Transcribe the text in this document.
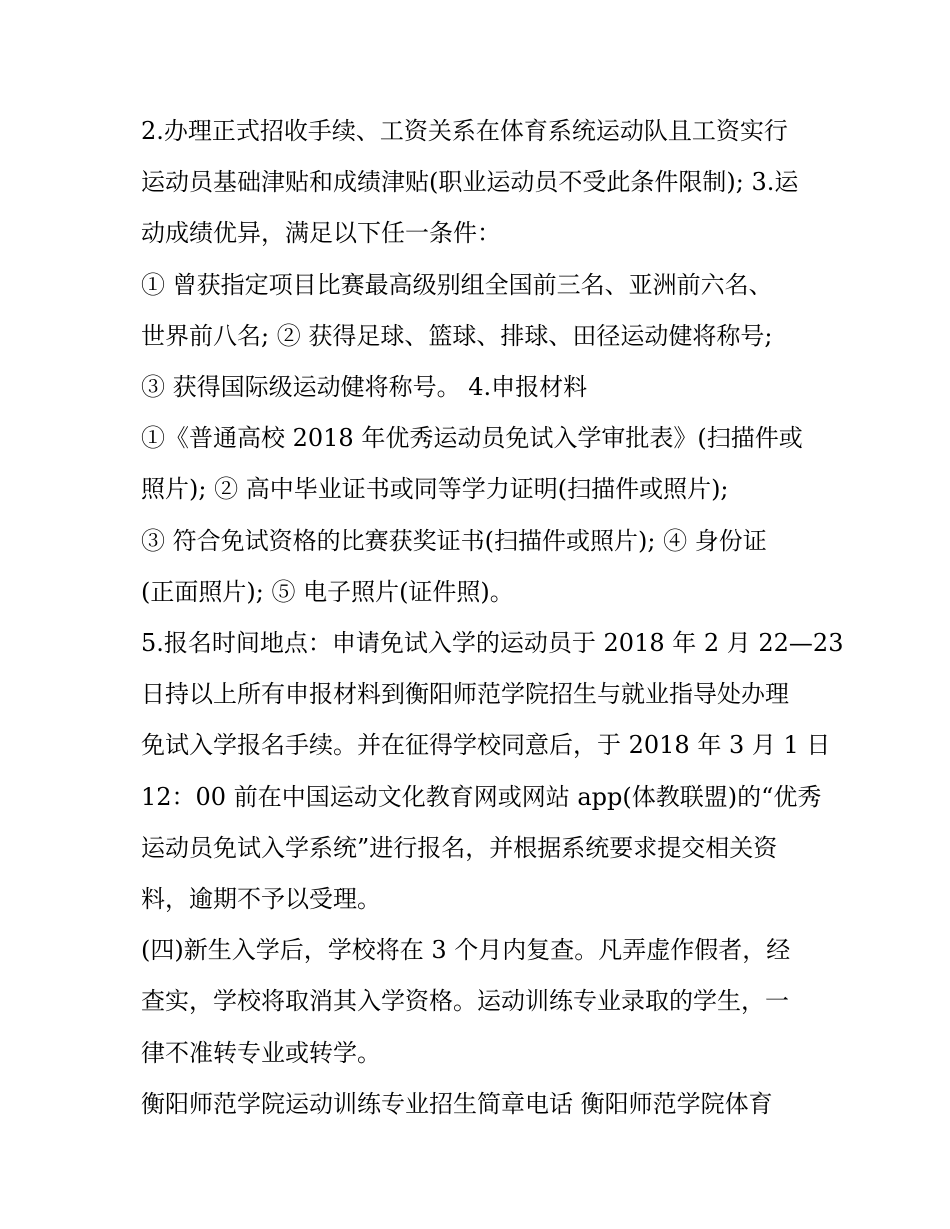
2.办理正式招收手续、工资关系在体育系统运动队且工资实行

运动员基础津贴和成绩津贴(职业运动员不受此条件限制); 3.运

动成绩优异，满足以下任一条件：

① 曾获指定项目比赛最高级别组全国前三名、亚洲前六名、

世界前八名; ② 获得足球、篮球、排球、田径运动健将称号;

③ 获得国际级运动健将称号。 4.申报材料

①《普通高校 2018 年优秀运动员免试入学审批表》(扫描件或

照片); ② 高中毕业证书或同等学力证明(扫描件或照片);

③ 符合免试资格的比赛获奖证书(扫描件或照片); ④ 身份证

(正面照片); ⑤ 电子照片(证件照)。

5.报名时间地点：申请免试入学的运动员于 2018 年 2 月 22—23

日持以上所有申报材料到衡阳师范学院招生与就业指导处办理

免试入学报名手续。并在征得学校同意后，于 2018 年 3 月 1 日

12：00 前在中国运动文化教育网或网站 app(体教联盟)的“优秀

运动员免试入学系统”进行报名，并根据系统要求提交相关资

料，逾期不予以受理。

(四)新生入学后，学校将在 3 个月内复查。凡弄虚作假者，经

查实，学校将取消其入学资格。运动训练专业录取的学生，一

律不准转专业或转学。

衡阳师范学院运动训练专业招生简章电话 衡阳师范学院体育
